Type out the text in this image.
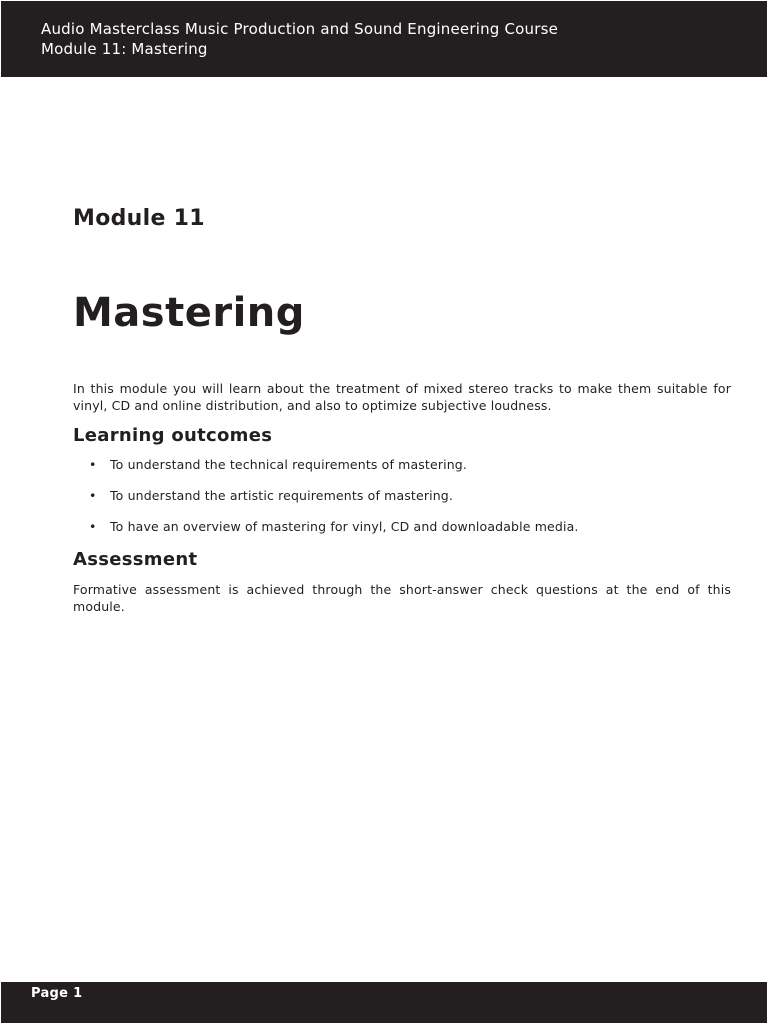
Audio Masterclass Music Production and Sound Engineering Course
Module 11: Mastering
Module 11
Mastering
In this module you will learn about the treatment of mixed stereo tracks to make them suitable for vinyl, CD and online distribution, and also to optimize subjective loudness.
Learning outcomes
• To understand the technical requirements of mastering.
• To understand the artistic requirements of mastering.
• To have an overview of mastering for vinyl, CD and downloadable media.
Assessment
Formative assessment is achieved through the short-answer check questions at the end of this module.
Page 1
